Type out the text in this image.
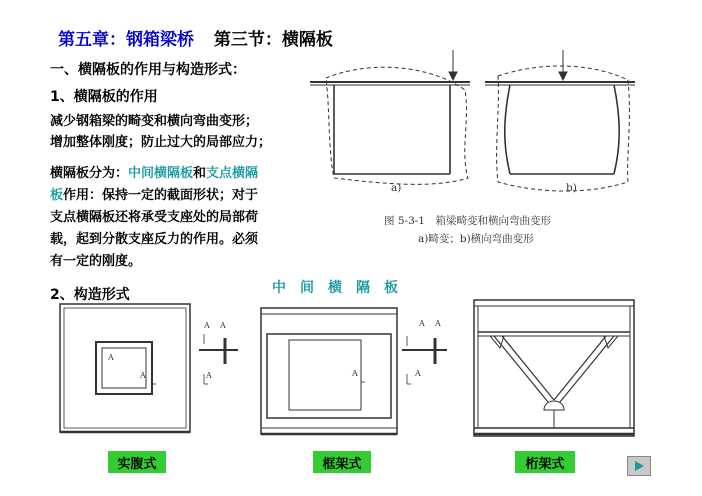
第五章：钢箱梁桥 第三节：横隔板
一、横隔板的作用与构造形式：
1、横隔板的作用
减少钢箱梁的畸变和横向弯曲变形；
增加整体刚度；防止过大的局部应力；
横隔板分为：中间横隔板和支点横隔
板作用：保持一定的截面形状；对于
支点横隔板还将承受支座处的局部荷
载，起到分散支座反力的作用。必须
有一定的刚度。
2、构造形式	中间横隔板
a)	b)
图 5-3-1　箱梁畸变和横向弯曲变形
a)畸变；b)横向弯曲变形
A A
A
A	A
A A
A	A
实腹式	框架式	桁架式
